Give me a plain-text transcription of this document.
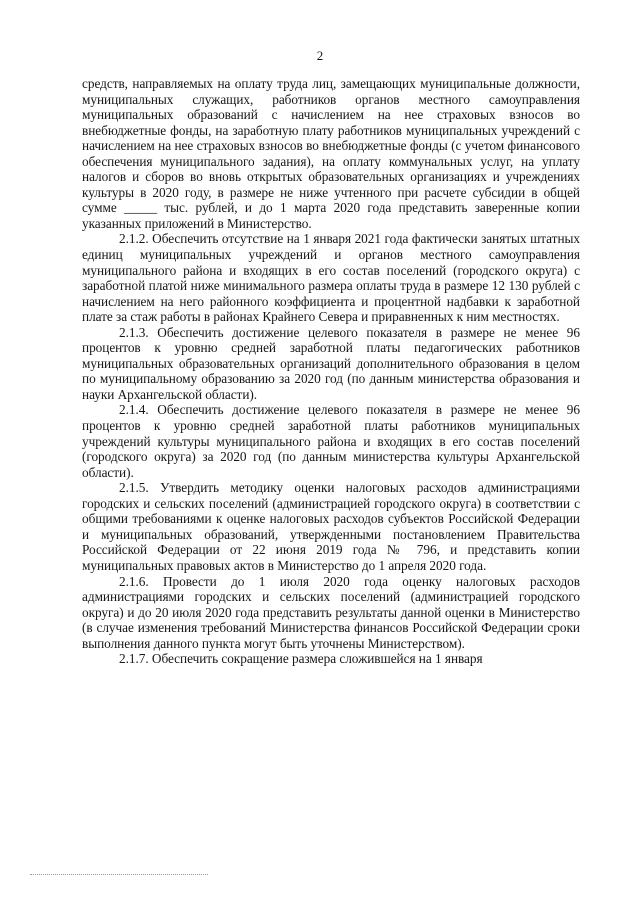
2

средств, направляемых на оплату труда лиц, замещающих муниципальные должности, муниципальных служащих, работников органов местного самоуправления муниципальных образований с начислением на нее страховых взносов во внебюджетные фонды, на заработную плату работников муниципальных учреждений с начислением на нее страховых взносов во внебюджетные фонды (с учетом финансового обеспечения муниципального задания), на оплату коммунальных услуг, на уплату налогов и сборов во вновь открытых образовательных организациях и учреждениях культуры в 2020 году, в размере не ниже учтенного при расчете субсидии в общей сумме _____ тыс. рублей, и до 1 марта 2020 года представить заверенные копии указанных приложений в Министерство.

2.1.2. Обеспечить отсутствие на 1 января 2021 года фактически занятых штатных единиц муниципальных учреждений и органов местного самоуправления муниципального района и входящих в его состав поселений (городского округа) с заработной платой ниже минимального размера оплаты труда в размере 12 130 рублей с начислением на него районного коэффициента и процентной надбавки к заработной плате за стаж работы в районах Крайнего Севера и приравненных к ним местностях.

2.1.3. Обеспечить достижение целевого показателя в размере не менее 96 процентов к уровню средней заработной платы педагогических работников муниципальных образовательных организаций дополнительного образования в целом по муниципальному образованию за 2020 год (по данным министерства образования и науки Архангельской области).

2.1.4. Обеспечить достижение целевого показателя в размере не менее 96 процентов к уровню средней заработной платы работников муниципальных учреждений культуры муниципального района и входящих в его состав поселений (городского округа) за 2020 год (по данным министерства культуры Архангельской области).

2.1.5. Утвердить методику оценки налоговых расходов администрациями городских и сельских поселений (администрацией городского округа) в соответствии с общими требованиями к оценке налоговых расходов субъектов Российской Федерации и муниципальных образований, утвержденными постановлением Правительства Российской Федерации от 22 июня 2019 года № 796, и представить копии муниципальных правовых актов в Министерство до 1 апреля 2020 года.

2.1.6. Провести до 1 июля 2020 года оценку налоговых расходов администрациями городских и сельских поселений (администрацией городского округа) и до 20 июля 2020 года представить результаты данной оценки в Министерство (в случае изменения требований Министерства финансов Российской Федерации сроки выполнения данного пункта могут быть уточнены Министерством).

2.1.7. Обеспечить сокращение размера сложившейся на 1 января
